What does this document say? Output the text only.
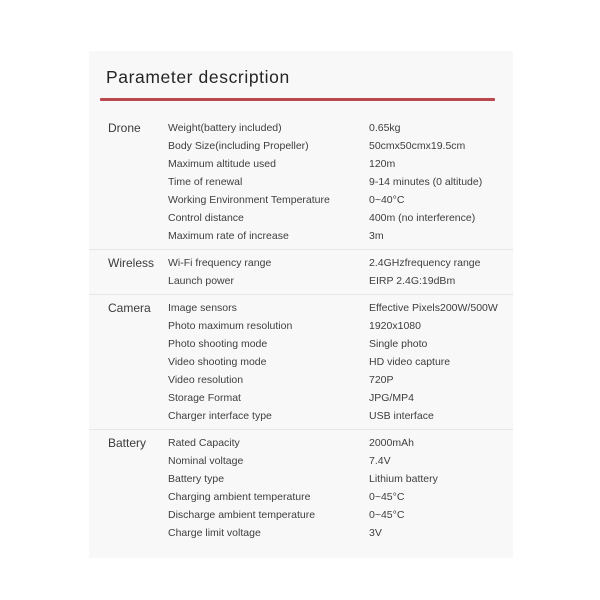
Parameter description
Drone	Weight(battery included)	0.65kg
Body Size(including Propeller)	50cmx50cmx19.5cm
Maximum altitude used	120m
Time of renewal	9-14 minutes (0 altitude)
Working Environment Temperature	0~40°C
Control distance	400m (no interference)
Maximum rate of increase	3m
Wireless	Wi-Fi frequency range	2.4GHzfrequency range
Launch power	EIRP 2.4G:19dBm
Camera	Image sensors	Effective Pixels200W/500W
Photo maximum resolution	1920x1080
Photo shooting mode	Single photo
Video shooting mode	HD video capture
Video resolution	720P
Storage Format	JPG/MP4
Charger interface type	USB interface
Battery	Rated Capacity	2000mAh
Nominal voltage	7.4V
Battery type	Lithium battery
Charging ambient temperature	0~45°C
Discharge ambient temperature	0~45°C
Charge limit voltage	3V
